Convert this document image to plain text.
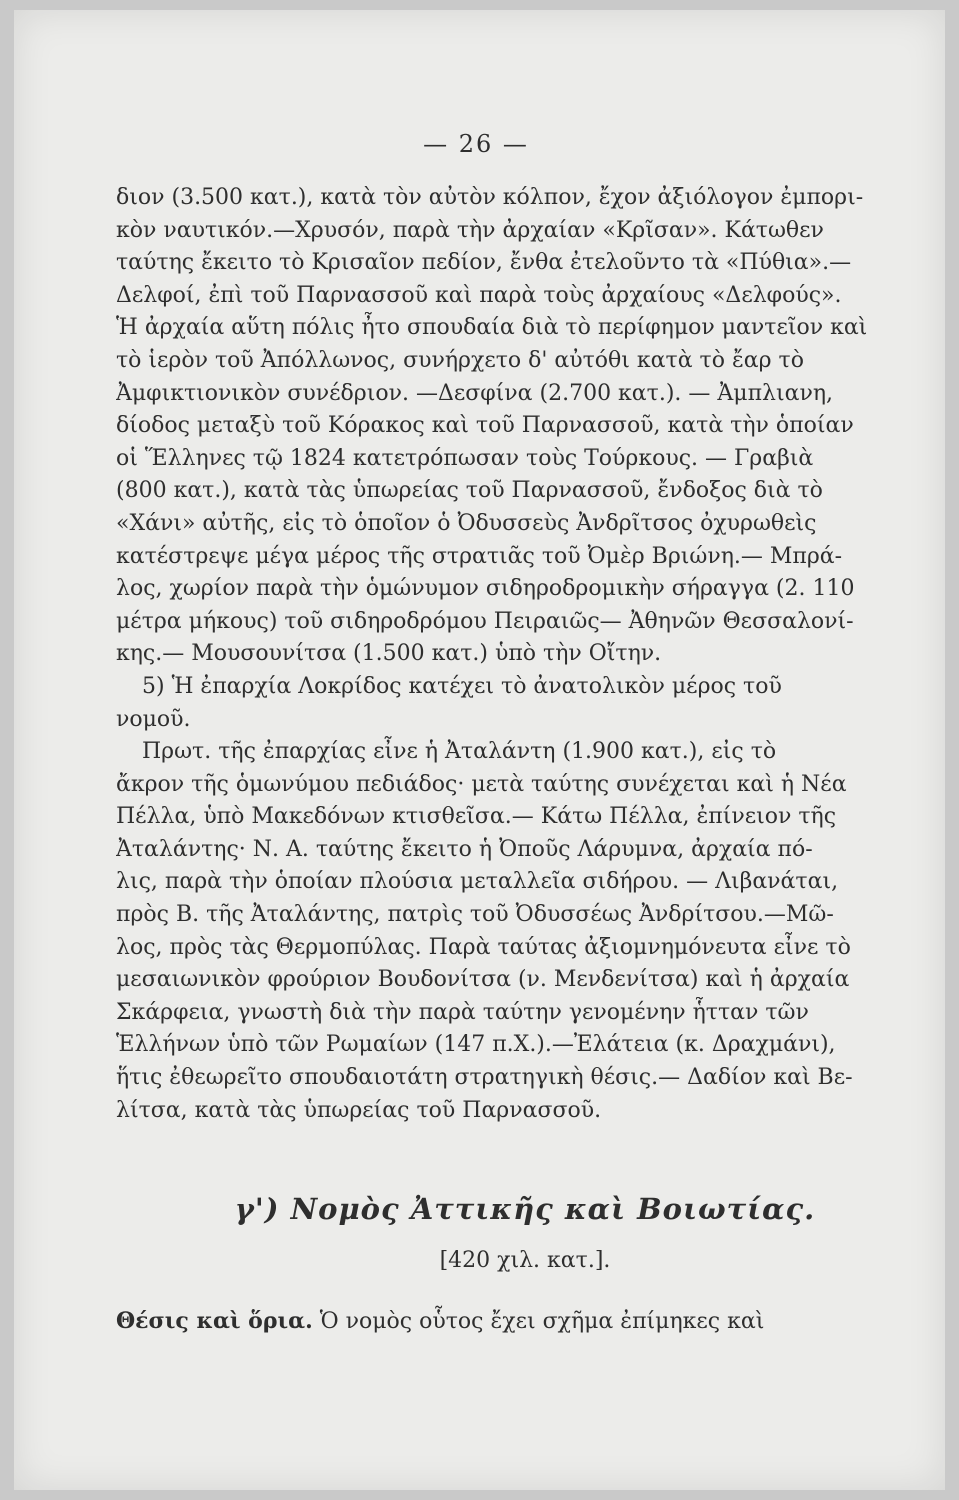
— 26 —
διον (3.500 κατ.), κατὰ τὸν αὐτὸν κόλπον, ἔχον ἀξιόλογον ἐμπορι-
κὸν ναυτικόν.—Χρυσόν, παρὰ τὴν ἀρχαίαν «Κρῖσαν». Κάτωθεν
ταύτης ἔκειτο τὸ Κρισαῖον πεδίον, ἔνθα ἐτελοῦντο τὰ «Πύθια».—
Δελφοί, ἐπὶ τοῦ Παρνασσοῦ καὶ παρὰ τοὺς ἀρχαίους «Δελφούς».
Ἡ ἀρχαία αὕτη πόλις ἦτο σπουδαία διὰ τὸ περίφημον μαντεῖον καὶ
τὸ ἱερὸν τοῦ Ἀπόλλωνος, συνήρχετο δ' αὐτόθι κατὰ τὸ ἔαρ τὸ
Ἀμφικτιονικὸν συνέδριον. —Δεσφίνα (2.700 κατ.). — Ἀμπλιανη,
δίοδος μεταξὺ τοῦ Κόρακος καὶ τοῦ Παρνασσοῦ, κατὰ τὴν ὁποίαν
οἱ Ἕλληνες τῷ 1824 κατετρόπωσαν τοὺς Τούρκους. — Γραβιὰ
(800 κατ.), κατὰ τὰς ὑπωρείας τοῦ Παρνασσοῦ, ἔνδοξος διὰ τὸ
«Χάνι» αὐτῆς, εἰς τὸ ὁποῖον ὁ Ὀδυσσεὺς Ἀνδρῖτσος ὀχυρωθεὶς
κατέστρεψε μέγα μέρος τῆς στρατιᾶς τοῦ Ὀμὲρ Βριώνη.— Μπρά-
λος, χωρίον παρὰ τὴν ὁμώνυμον σιδηροδρομικὴν σήραγγα (2. 110
μέτρα μήκους) τοῦ σιδηροδρόμου Πειραιῶς— Ἀθηνῶν Θεσσαλονί-
κης.— Μουσουνίτσα (1.500 κατ.) ὑπὸ τὴν Οἴτην.
5) Ἡ ἐπαρχία Λοκρίδος κατέχει τὸ ἀνατολικὸν μέρος τοῦ
νομοῦ.
Πρωτ. τῆς ἐπαρχίας εἶνε ἡ Ἀταλάντη (1.900 κατ.), εἰς τὸ
ἄκρον τῆς ὁμωνύμου πεδιάδος· μετὰ ταύτης συνέχεται καὶ ἡ Νέα
Πέλλα, ὑπὸ Μακεδόνων κτισθεῖσα.— Κάτω Πέλλα, ἐπίνειον τῆς
Ἀταλάντης· Ν. Α. ταύτης ἔκειτο ἡ Ὀποῦς Λάρυμνα, ἀρχαία πό-
λις, παρὰ τὴν ὁποίαν πλούσια μεταλλεῖα σιδήρου. — Λιβανάται,
πρὸς Β. τῆς Ἀταλάντης, πατρὶς τοῦ Ὀδυσσέως Ἀνδρίτσου.—Μῶ-
λος, πρὸς τὰς Θερμοπύλας. Παρὰ ταύτας ἀξιομνημόνευτα εἶνε τὸ
μεσαιωνικὸν φρούριον Βουδονίτσα (ν. Μενδενίτσα) καὶ ἡ ἀρχαία
Σκάρφεια, γνωστὴ διὰ τὴν παρὰ ταύτην γενομένην ἧτταν τῶν
Ἑλλήνων ὑπὸ τῶν Ρωμαίων (147 π.Χ.).—Ἐλάτεια (κ. Δραχμάνι),
ἥτις ἐθεωρεῖτο σπουδαιοτάτη στρατηγικὴ θέσις.— Δαδίον καὶ Βε-
λίτσα, κατὰ τὰς ὑπωρείας τοῦ Παρνασσοῦ.
γ') Νομὸς Ἀττικῆς καὶ Βοιωτίας.
[420 χιλ. κατ.].
Θέσις καὶ ὅρια. Ὁ νομὸς οὗτος ἔχει σχῆμα ἐπίμηκες καὶ
